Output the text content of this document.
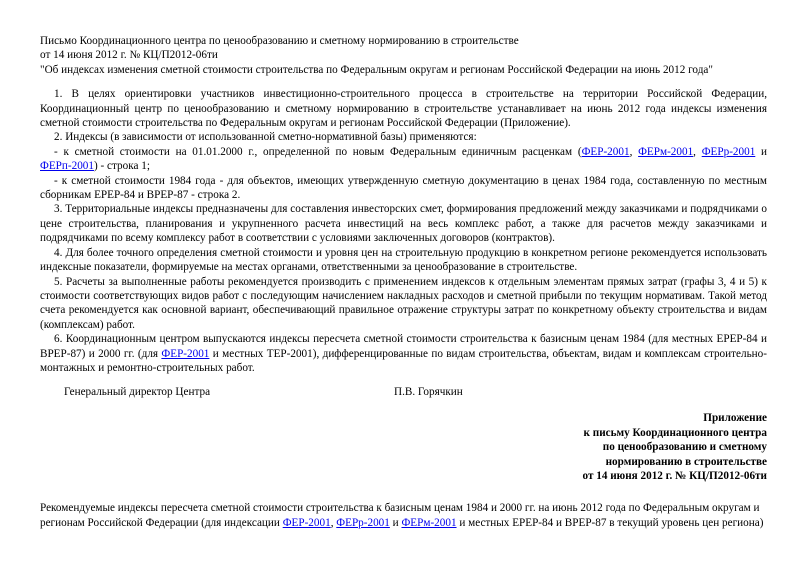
Письмо Координационного центра по ценообразованию и сметному нормированию в строительстве
от 14 июня 2012 г. № КЦ/П2012-06ти
"Об индексах изменения сметной стоимости строительства по Федеральным округам и регионам Российской Федерации на июнь 2012 года"

1. В целях ориентировки участников инвестиционно-строительного процесса в строительстве на территории Российской Федерации, Координационный центр по ценообразованию и сметному нормированию в строительстве устанавливает на июнь 2012 года индексы изменения сметной стоимости строительства по Федеральным округам и регионам Российской Федерации (Приложение).

2. Индексы (в зависимости от использованной сметно-нормативной базы) применяются:

- к сметной стоимости на 01.01.2000 г., определенной по новым Федеральным единичным расценкам (ФЕР-2001, ФЕРм-2001, ФЕРр-2001 и ФЕРп-2001) - строка 1;

- к сметной стоимости 1984 года - для объектов, имеющих утвержденную сметную документацию в ценах 1984 года, составленную по местным сборникам ЕРЕР-84 и ВРЕР-87 - строка 2.

3. Территориальные индексы предназначены для составления инвесторских смет, формирования предложений между заказчиками и подрядчиками о цене строительства, планирования и укрупненного расчета инвестиций на весь комплекс работ, а также для расчетов между заказчиками и подрядчиками по всему комплексу работ в соответствии с условиями заключенных договоров (контрактов).

4. Для более точного определения сметной стоимости и уровня цен на строительную продукцию в конкретном регионе рекомендуется использовать индексные показатели, формируемые на местах органами, ответственными за ценообразование в строительстве.

5. Расчеты за выполненные работы рекомендуется производить с применением индексов к отдельным элементам прямых затрат (графы 3, 4 и 5) к стоимости соответствующих видов работ с последующим начислением накладных расходов и сметной прибыли по текущим нормативам. Такой метод счета рекомендуется как основной вариант, обеспечивающий правильное отражение структуры затрат по конкретному объекту строительства и видам (комплексам) работ.

6. Координационным центром выпускаются индексы пересчета сметной стоимости строительства к базисным ценам 1984 (для местных ЕРЕР-84 и ВРЕР-87) и 2000 гг. (для ФЕР-2001 и местных ТЕР-2001), дифференцированные по видам строительства, объектам, видам и комплексам строительно-монтажных и ремонтно-строительных работ.

Генеральный директор Центра	П.В. Горячкин
Приложение
к письму Координационного центра
по ценообразованию и сметному
нормированию в строительстве
от 14 июня 2012 г. № КЦ/П2012-06ти
Рекомендуемые индексы пересчета сметной стоимости строительства к базисным ценам 1984 и 2000 гг. на июнь 2012 года по Федеральным округам и регионам Российской Федерации (для индексации ФЕР-2001, ФЕРр-2001 и ФЕРм-2001 и местных ЕРЕР-84 и ВРЕР-87 в текущий уровень цен региона)
